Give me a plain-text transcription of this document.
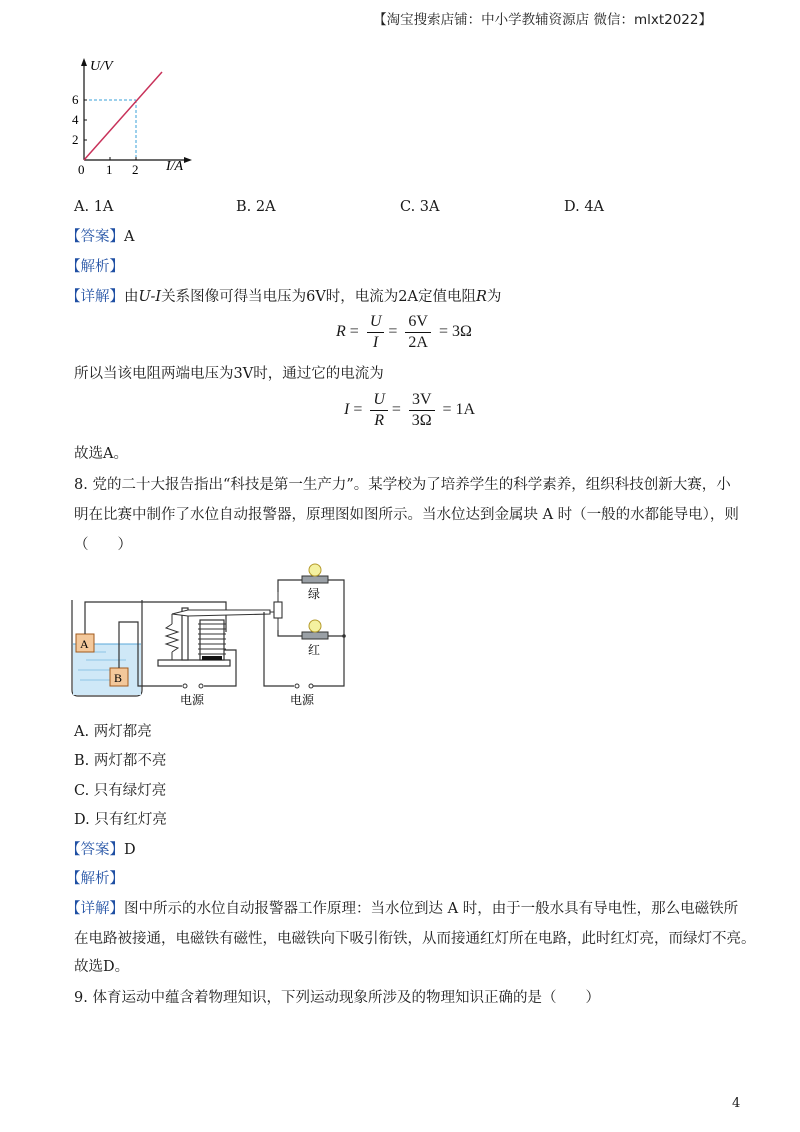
【淘宝搜索店铺：中小学教辅资源店 微信：mlxt2022】
U/V
6
4
2
0 1 2 I/A
A. 1A	B. 2A	C. 3A	D. 4A
【答案】A
【解析】
【详解】由U-I关系图像可得当电压为6V时，电流为2A定值电阻R为
$R = \frac{U}{I} = \frac{6V}{2A} = 3\Omega$
所以当该电阻两端电压为3V时，通过它的电流为
$I = \frac{U}{R} = \frac{3V}{3\Omega} = 1A$
故选A。
8. 党的二十大报告指出“科技是第一生产力”。某学校为了培养学生的科学素养，组织科技创新大赛，小
明在比赛中制作了水位自动报警器，原理图如图所示。当水位达到金属块 A 时（一般的水都能导电），则
（　　）
A
B
电源	电源
绿
红
A. 两灯都亮
B. 两灯都不亮
C. 只有绿灯亮
D. 只有红灯亮
【答案】D
【解析】
【详解】图中所示的水位自动报警器工作原理：当水位到达 A 时，由于一般水具有导电性，那么电磁铁所
在电路被接通，电磁铁有磁性，电磁铁向下吸引衔铁，从而接通红灯所在电路，此时红灯亮，而绿灯不亮。
故选D。
9. 体育运动中蕴含着物理知识，下列运动现象所涉及的物理知识正确的是（　　）
4
